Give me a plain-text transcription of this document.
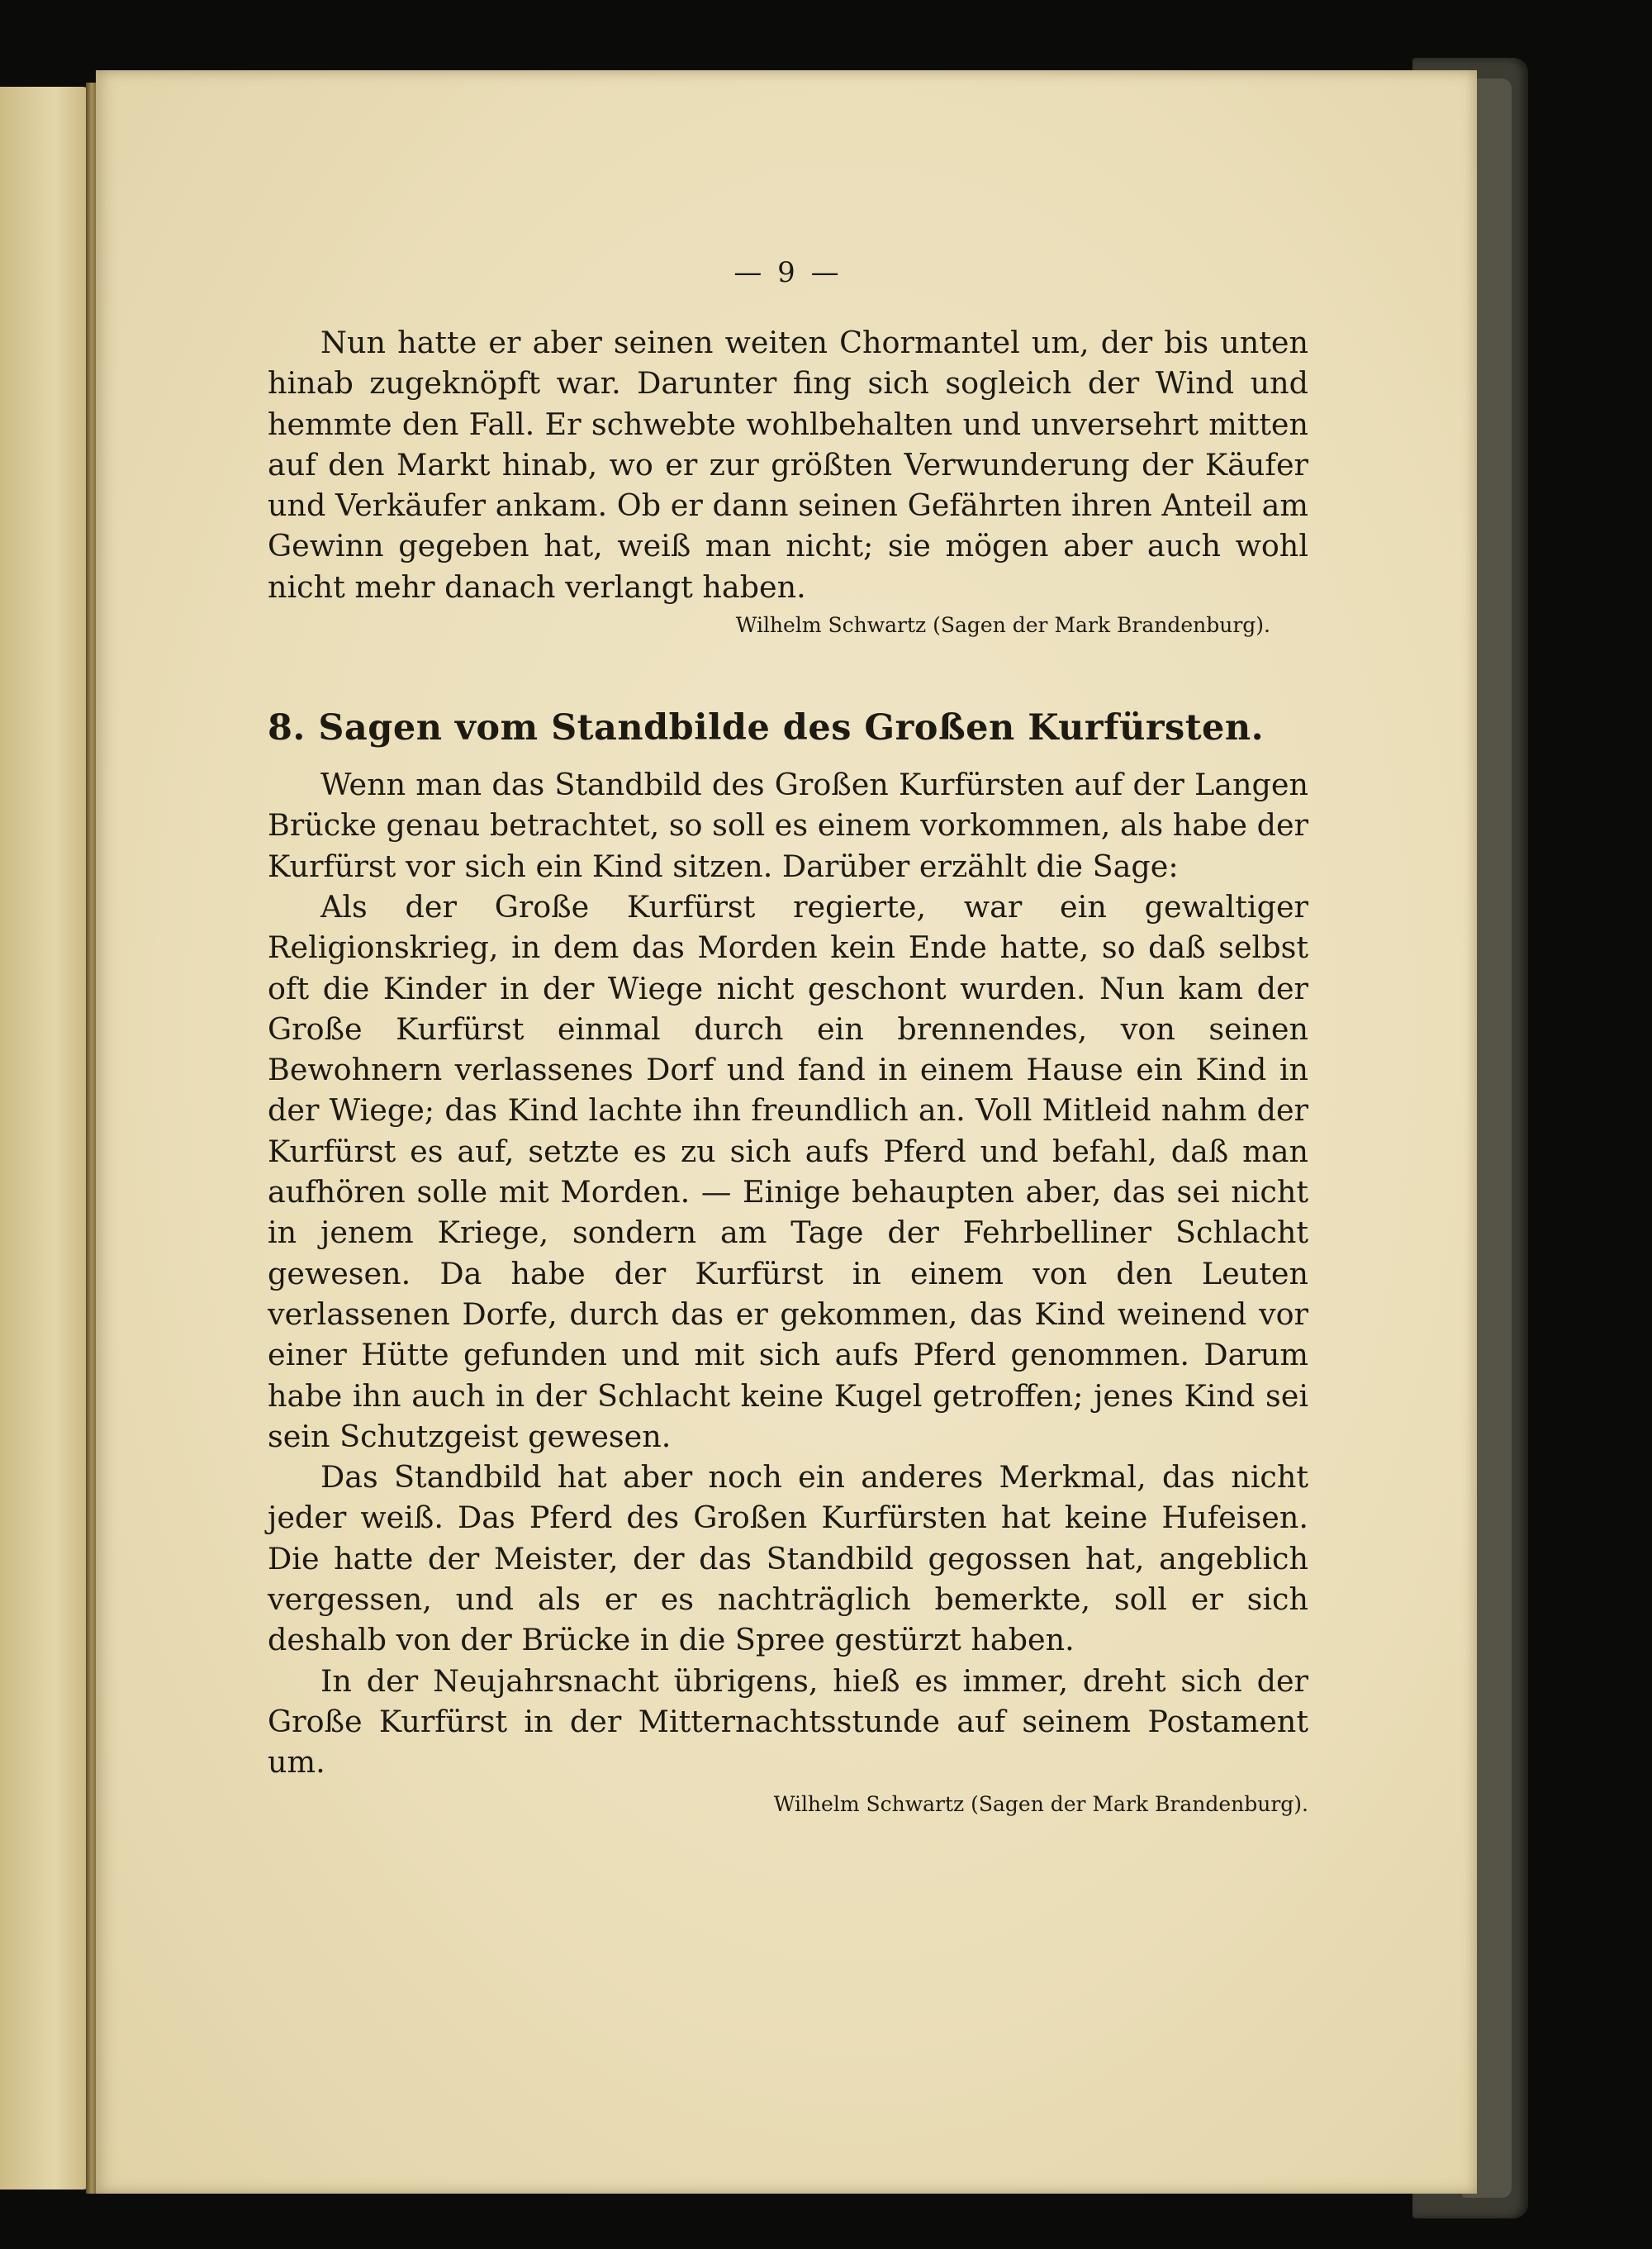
— 9 —

Nun hatte er aber seinen weiten Chormantel um, der bis unten hinab zugeknöpft war. Darunter fing sich sogleich der Wind und hemmte den Fall. Er schwebte wohlbehalten und unversehrt mitten auf den Markt hinab, wo er zur größten Verwunderung der Käufer und Verkäufer ankam. Ob er dann seinen Gefährten ihren Anteil am Gewinn gegeben hat, weiß man nicht; sie mögen aber auch wohl nicht mehr danach verlangt haben.

Wilhelm Schwartz (Sagen der Mark Brandenburg).
8. Sagen vom Standbilde des Großen Kurfürsten.

Wenn man das Standbild des Großen Kurfürsten auf der Langen Brücke genau betrachtet, so soll es einem vorkommen, als habe der Kurfürst vor sich ein Kind sitzen. Darüber erzählt die Sage:

Als der Große Kurfürst regierte, war ein gewaltiger Religionskrieg, in dem das Morden kein Ende hatte, so daß selbst oft die Kinder in der Wiege nicht geschont wurden. Nun kam der Große Kurfürst einmal durch ein brennendes, von seinen Bewohnern verlassenes Dorf und fand in einem Hause ein Kind in der Wiege; das Kind lachte ihn freundlich an. Voll Mitleid nahm der Kurfürst es auf, setzte es zu sich aufs Pferd und befahl, daß man aufhören solle mit Morden. — Einige behaupten aber, das sei nicht in jenem Kriege, sondern am Tage der Fehrbelliner Schlacht gewesen. Da habe der Kurfürst in einem von den Leuten verlassenen Dorfe, durch das er gekommen, das Kind weinend vor einer Hütte gefunden und mit sich aufs Pferd genommen. Darum habe ihn auch in der Schlacht keine Kugel getroffen; jenes Kind sei sein Schutzgeist gewesen.

Das Standbild hat aber noch ein anderes Merkmal, das nicht jeder weiß. Das Pferd des Großen Kurfürsten hat keine Hufeisen. Die hatte der Meister, der das Standbild gegossen hat, angeblich vergessen, und als er es nachträglich bemerkte, soll er sich deshalb von der Brücke in die Spree gestürzt haben.

In der Neujahrsnacht übrigens, hieß es immer, dreht sich der Große Kurfürst in der Mitternachtsstunde auf seinem Postament um.

Wilhelm Schwartz (Sagen der Mark Brandenburg).
